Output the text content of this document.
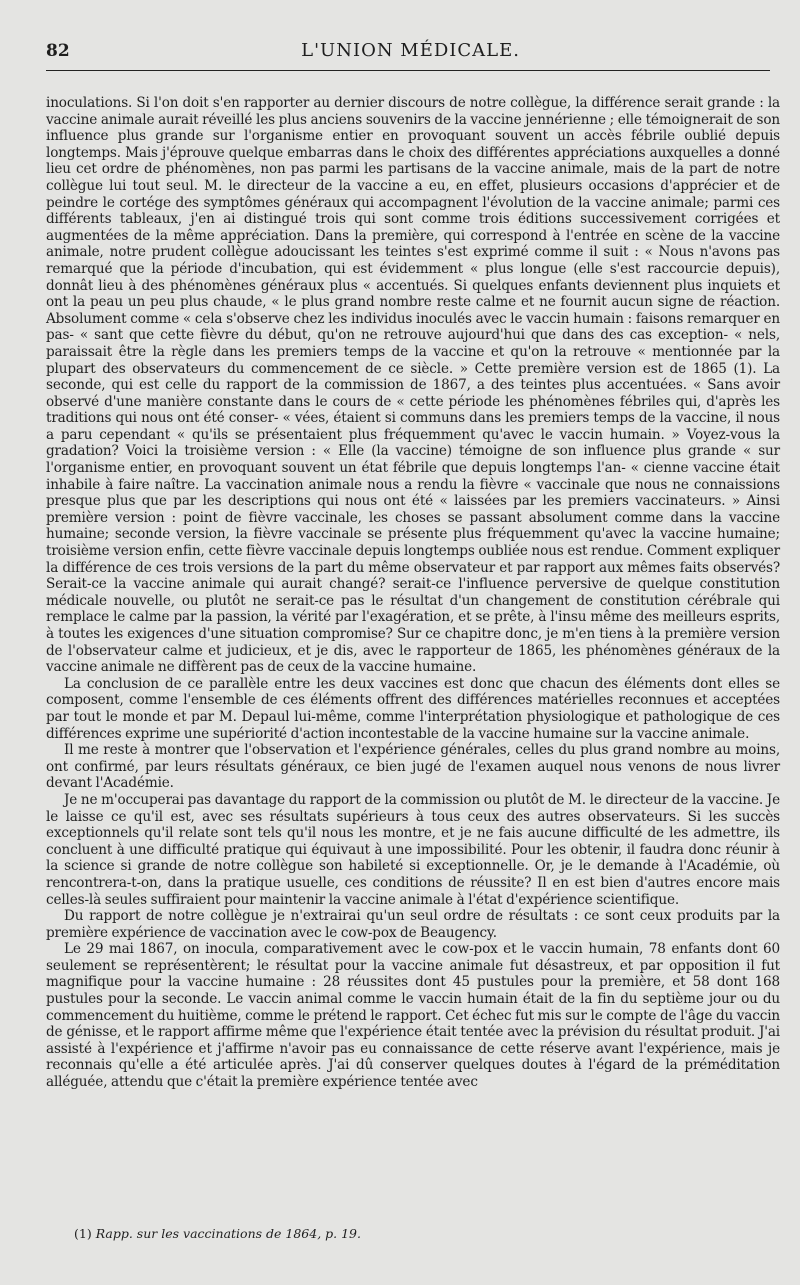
82	L'UNION MÉDICALE.

inoculations. Si l'on doit s'en rapporter au dernier discours de notre collègue, la différence serait grande : la vaccine animale aurait réveillé les plus anciens souvenirs de la vaccine jennérienne ; elle témoignerait de son influence plus grande sur l'organisme entier en provoquant souvent un accès fébrile oublié depuis longtemps. Mais j'éprouve quelque embarras dans le choix des différentes appréciations auxquelles a donné lieu cet ordre de phénomènes, non pas parmi les partisans de la vaccine animale, mais de la part de notre collègue lui tout seul. M. le directeur de la vaccine a eu, en effet, plusieurs occasions d'apprécier et de peindre le cortége des symptômes généraux qui accompagnent l'évolution de la vaccine animale; parmi ces différents tableaux, j'en ai distingué trois qui sont comme trois éditions successivement corrigées et augmentées de la même appréciation. Dans la première, qui correspond à l'entrée en scène de la vaccine animale, notre prudent collègue adoucissant les teintes s'est exprimé comme il suit : « Nous n'avons pas remarqué que la période d'incubation, qui est évidemment « plus longue (elle s'est raccourcie depuis), donnât lieu à des phénomènes généraux plus « accentués. Si quelques enfants deviennent plus inquiets et ont la peau un peu plus chaude, « le plus grand nombre reste calme et ne fournit aucun signe de réaction. Absolument comme « cela s'observe chez les individus inoculés avec le vaccin humain : faisons remarquer en pas- « sant que cette fièvre du début, qu'on ne retrouve aujourd'hui que dans des cas exception- « nels, paraissait être la règle dans les premiers temps de la vaccine et qu'on la retrouve « mentionnée par la plupart des observateurs du commencement de ce siècle. » Cette première version est de 1865 (1). La seconde, qui est celle du rapport de la commission de 1867, a des teintes plus accentuées. « Sans avoir observé d'une manière constante dans le cours de « cette période les phénomènes fébriles qui, d'après les traditions qui nous ont été conser- « vées, étaient si communs dans les premiers temps de la vaccine, il nous a paru cependant « qu'ils se présentaient plus fréquemment qu'avec le vaccin humain. » Voyez-vous la gradation? Voici la troisième version : « Elle (la vaccine) témoigne de son influence plus grande « sur l'organisme entier, en provoquant souvent un état fébrile que depuis longtemps l'an- « cienne vaccine était inhabile à faire naître. La vaccination animale nous a rendu la fièvre « vaccinale que nous ne connaissions presque plus que par les descriptions qui nous ont été « laissées par les premiers vaccinateurs. » Ainsi première version : point de fièvre vaccinale, les choses se passant absolument comme dans la vaccine humaine; seconde version, la fièvre vaccinale se présente plus fréquemment qu'avec la vaccine humaine; troisième version enfin, cette fièvre vaccinale depuis longtemps oubliée nous est rendue. Comment expliquer la différence de ces trois versions de la part du même observateur et par rapport aux mêmes faits observés? Serait-ce la vaccine animale qui aurait changé? serait-ce l'influence perversive de quelque constitution médicale nouvelle, ou plutôt ne serait-ce pas le résultat d'un changement de constitution cérébrale qui remplace le calme par la passion, la vérité par l'exagération, et se prête, à l'insu même des meilleurs esprits, à toutes les exigences d'une situation compromise? Sur ce chapitre donc, je m'en tiens à la première version de l'observateur calme et judicieux, et je dis, avec le rapporteur de 1865, les phénomènes généraux de la vaccine animale ne diffèrent pas de ceux de la vaccine humaine.

La conclusion de ce parallèle entre les deux vaccines est donc que chacun des éléments dont elles se composent, comme l'ensemble de ces éléments offrent des différences matérielles reconnues et acceptées par tout le monde et par M. Depaul lui-même, comme l'interprétation physiologique et pathologique de ces différences exprime une supériorité d'action incontestable de la vaccine humaine sur la vaccine animale.

Il me reste à montrer que l'observation et l'expérience générales, celles du plus grand nombre au moins, ont confirmé, par leurs résultats généraux, ce bien jugé de l'examen auquel nous venons de nous livrer devant l'Académie.

Je ne m'occuperai pas davantage du rapport de la commission ou plutôt de M. le directeur de la vaccine. Je le laisse ce qu'il est, avec ses résultats supérieurs à tous ceux des autres observateurs. Si les succès exceptionnels qu'il relate sont tels qu'il nous les montre, et je ne fais aucune difficulté de les admettre, ils concluent à une difficulté pratique qui équivaut à une impossibilité. Pour les obtenir, il faudra donc réunir à la science si grande de notre collègue son habileté si exceptionnelle. Or, je le demande à l'Académie, où rencontrera-t-on, dans la pratique usuelle, ces conditions de réussite? Il en est bien d'autres encore mais celles-là seules suffiraient pour maintenir la vaccine animale à l'état d'expérience scientifique.

Du rapport de notre collègue je n'extrairai qu'un seul ordre de résultats : ce sont ceux produits par la première expérience de vaccination avec le cow-pox de Beaugency.

Le 29 mai 1867, on inocula, comparativement avec le cow-pox et le vaccin humain, 78 enfants dont 60 seulement se représentèrent; le résultat pour la vaccine animale fut désastreux, et par opposition il fut magnifique pour la vaccine humaine : 28 réussites dont 45 pustules pour la première, et 58 dont 168 pustules pour la seconde. Le vaccin animal comme le vaccin humain était de la fin du septième jour ou du commencement du huitième, comme le prétend le rapport. Cet échec fut mis sur le compte de l'âge du vaccin de génisse, et le rapport affirme même que l'expérience était tentée avec la prévision du résultat produit. J'ai assisté à l'expérience et j'affirme n'avoir pas eu connaissance de cette réserve avant l'expérience, mais je reconnais qu'elle a été articulée après. J'ai dû conserver quelques doutes à l'égard de la préméditation alléguée, attendu que c'était la première expérience tentée avec

(1) Rapp. sur les vaccinations de 1864, p. 19.
